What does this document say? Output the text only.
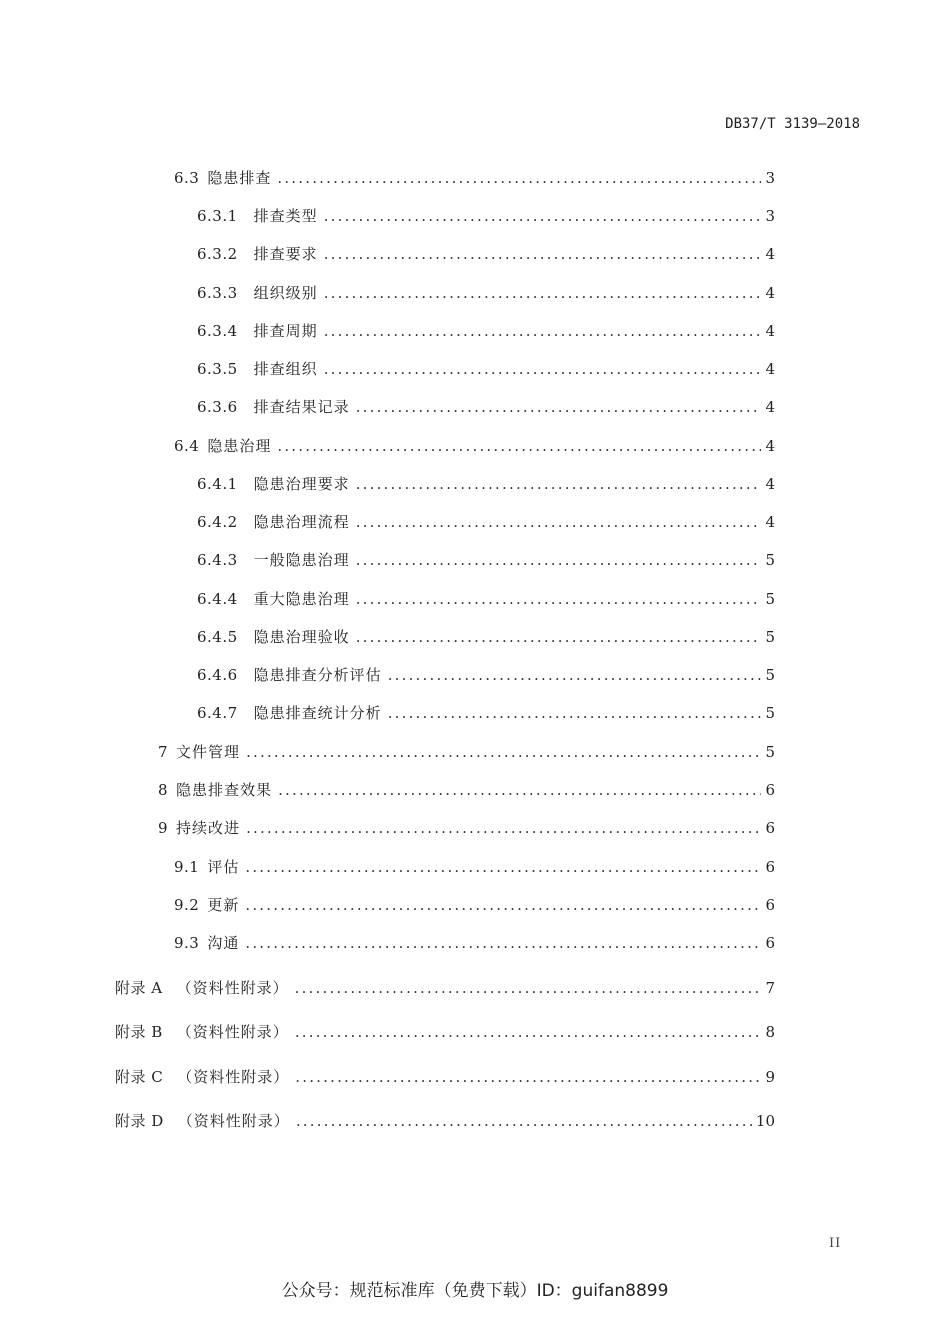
DB37/T 3139—2018
6.3 隐患排查 .....	3
6.3.1 排查类型 .....	3
6.3.2 排查要求 .....	4
6.3.3 组织级别 .....	4
6.3.4 排查周期 .....	4
6.3.5 排查组织 .....	4
6.3.6 排查结果记录 .....	4
6.4 隐患治理 .....	4
6.4.1 隐患治理要求 .....	4
6.4.2 隐患治理流程 .....	4
6.4.3 一般隐患治理 .....	5
6.4.4 重大隐患治理 .....	5
6.4.5 隐患治理验收 .....	5
6.4.6 隐患排查分析评估 .....	5
6.4.7 隐患排查统计分析 .....	5
7 文件管理 .....	5
8 隐患排查效果 .....	6
9 持续改进 .....	6
9.1 评估 .....	6
9.2 更新 .....	6
9.3 沟通 .....	6
附录 A （资料性附录） .....	7
附录 B （资料性附录） .....	8
附录 C （资料性附录） .....	9
附录 D （资料性附录） .....	10
II
公众号：规范标准库（免费下载）ID：guifan8899
